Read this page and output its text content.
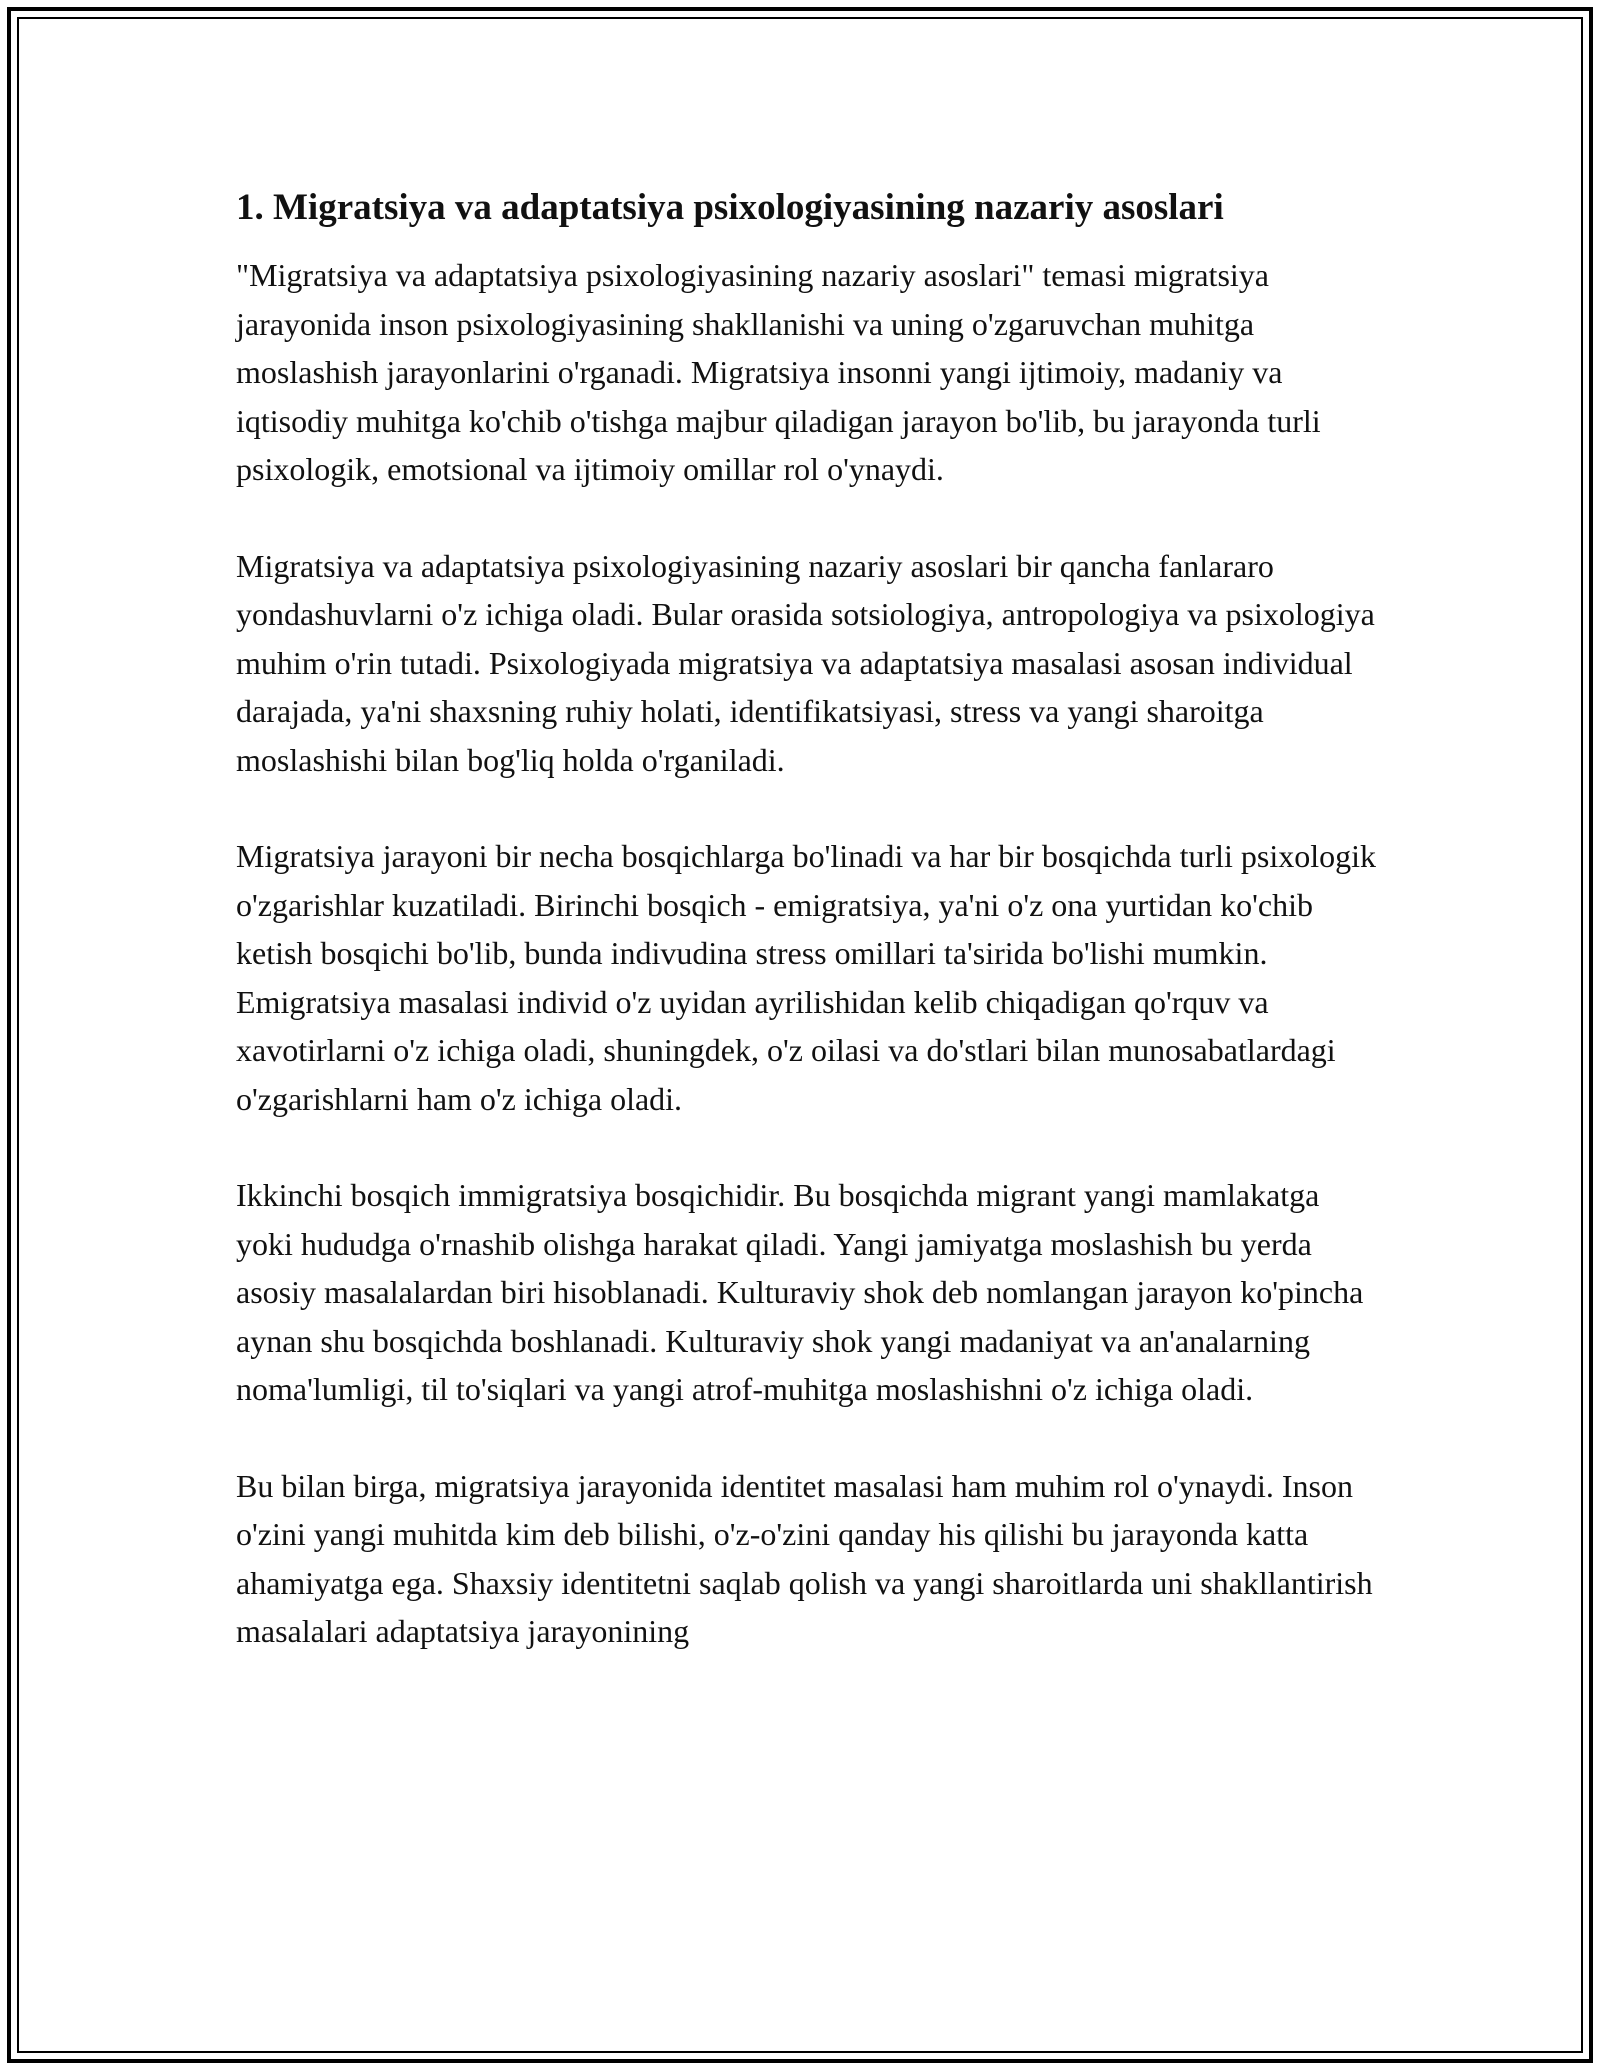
1. Migratsiya va adaptatsiya psixologiyasining nazariy asoslari

"Migratsiya va adaptatsiya psixologiyasining nazariy asoslari" temasi migratsiya jarayonida inson psixologiyasining shakllanishi va uning o'zgaruvchan muhitga moslashish jarayonlarini o'rganadi. Migratsiya insonni yangi ijtimoiy, madaniy va iqtisodiy muhitga ko'chib o'tishga majbur qiladigan jarayon bo'lib, bu jarayonda turli psixologik, emotsional va ijtimoiy omillar rol o'ynaydi.

Migratsiya va adaptatsiya psixologiyasining nazariy asoslari bir qancha fanlararo yondashuvlarni o'z ichiga oladi. Bular orasida sotsiologiya, antropologiya va psixologiya muhim o'rin tutadi. Psixologiyada migratsiya va adaptatsiya masalasi asosan individual darajada, ya'ni shaxsning ruhiy holati, identifikatsiyasi, stress va yangi sharoitga moslashishi bilan bog'liq holda o'rganiladi.

Migratsiya jarayoni bir necha bosqichlarga bo'linadi va har bir bosqichda turli psixologik o'zgarishlar kuzatiladi. Birinchi bosqich - emigratsiya, ya'ni o'z ona yurtidan ko'chib ketish bosqichi bo'lib, bunda indivudina stress omillari ta'sirida bo'lishi mumkin. Emigratsiya masalasi individ o'z uyidan ayrilishidan kelib chiqadigan qo'rquv va xavotirlarni o'z ichiga oladi, shuningdek, o'z oilasi va do'stlari bilan munosabatlardagi o'zgarishlarni ham o'z ichiga oladi.

Ikkinchi bosqich immigratsiya bosqichidir. Bu bosqichda migrant yangi mamlakatga yoki hududga o'rnashib olishga harakat qiladi. Yangi jamiyatga moslashish bu yerda asosiy masalalardan biri hisoblanadi. Kulturaviy shok deb nomlangan jarayon ko'pincha aynan shu bosqichda boshlanadi. Kulturaviy shok yangi madaniyat va an'analarning noma'lumligi, til to'siqlari va yangi atrof-muhitga moslashishni o'z ichiga oladi.

Bu bilan birga, migratsiya jarayonida identitet masalasi ham muhim rol o'ynaydi. Inson o'zini yangi muhitda kim deb bilishi, o'z-o'zini qanday his qilishi bu jarayonda katta ahamiyatga ega. Shaxsiy identitetni saqlab qolish va yangi sharoitlarda uni shakllantirish masalalari adaptatsiya jarayonining
